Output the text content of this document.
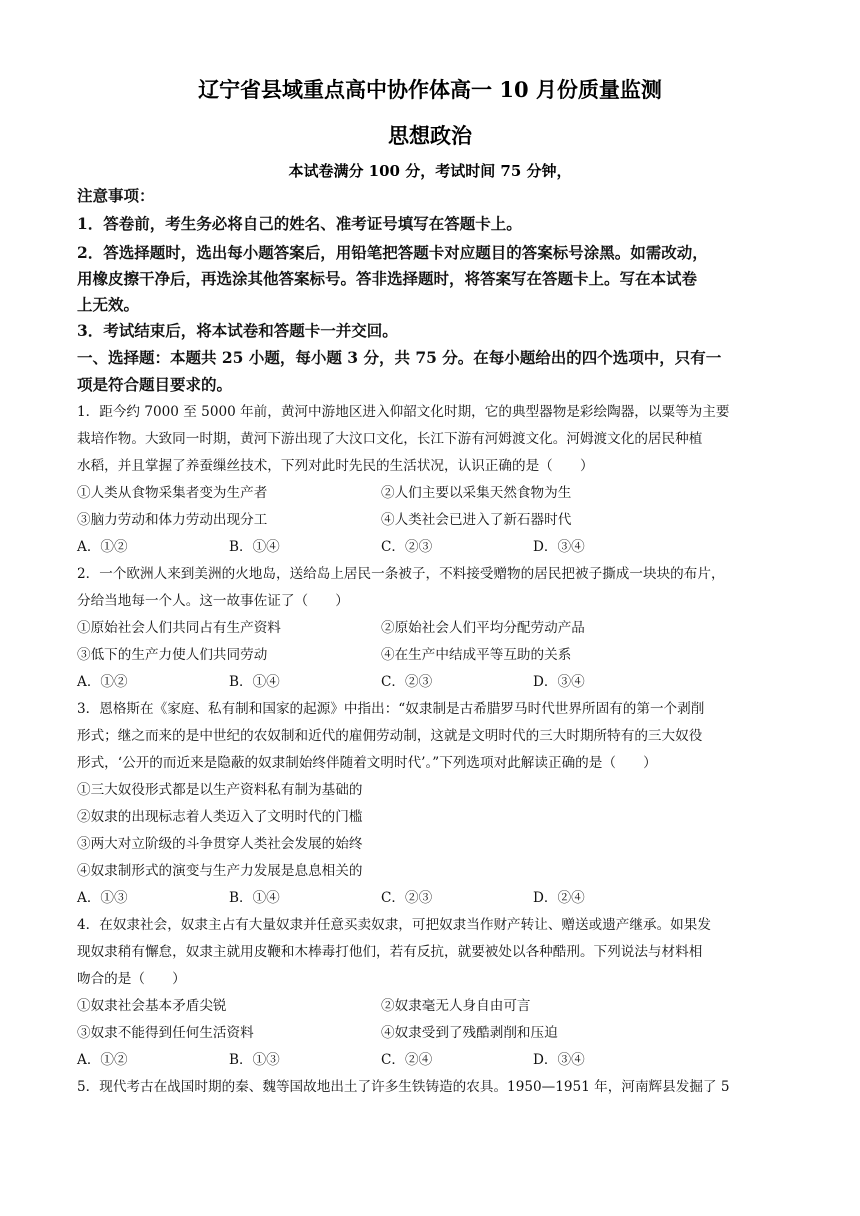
辽宁省县域重点高中协作体高一 10 月份质量监测
思想政治
本试卷满分 100 分，考试时间 75 分钟，
注意事项：
1．答卷前，考生务必将自己的姓名、准考证号填写在答题卡上。
2．答选择题时，选出每小题答案后，用铅笔把答题卡对应题目的答案标号涂黑。如需改动，
用橡皮擦干净后，再选涂其他答案标号。答非选择题时，将答案写在答题卡上。写在本试卷
上无效。
3．考试结束后，将本试卷和答题卡一并交回。
一、选择题：本题共 25 小题，每小题 3 分，共 75 分。在每小题给出的四个选项中，只有一
项是符合题目要求的。
1．距今约 7000 至 5000 年前，黄河中游地区进入仰韶文化时期，它的典型器物是彩绘陶器，以粟等为主要
栽培作物。大致同一时期，黄河下游出现了大汶口文化，长江下游有河姆渡文化。河姆渡文化的居民种植
水稻，并且掌握了养蚕缫丝技术，下列对此时先民的生活状况，认识正确的是（　　）
①人类从食物采集者变为生产者	②人们主要以采集天然食物为生
③脑力劳动和体力劳动出现分工	④人类社会已进入了新石器时代
A．①②	B．①④	C．②③	D．③④
2．一个欧洲人来到美洲的火地岛，送给岛上居民一条被子，不料接受赠物的居民把被子撕成一块块的布片，
分给当地每一个人。这一故事佐证了（　　）
①原始社会人们共同占有生产资料	②原始社会人们平均分配劳动产品
③低下的生产力使人们共同劳动	④在生产中结成平等互助的关系
A．①②	B．①④	C．②③	D．③④
3．恩格斯在《家庭、私有制和国家的起源》中指出：“奴隶制是古希腊罗马时代世界所固有的第一个剥削
形式；继之而来的是中世纪的农奴制和近代的雇佣劳动制，这就是文明时代的三大时期所特有的三大奴役
形式，‘公开的而近来是隐蔽的奴隶制始终伴随着文明时代’。”下列选项对此解读正确的是（　　）
①三大奴役形式都是以生产资料私有制为基础的
②奴隶的出现标志着人类迈入了文明时代的门槛
③两大对立阶级的斗争贯穿人类社会发展的始终
④奴隶制形式的演变与生产力发展是息息相关的
A．①③	B．①④	C．②③	D．②④
4．在奴隶社会，奴隶主占有大量奴隶并任意买卖奴隶，可把奴隶当作财产转让、赠送或遗产继承。如果发
现奴隶稍有懈怠，奴隶主就用皮鞭和木棒毒打他们，若有反抗，就要被处以各种酷刑。下列说法与材料相
吻合的是（　　）
①奴隶社会基本矛盾尖锐	②奴隶毫无人身自由可言
③奴隶不能得到任何生活资料	④奴隶受到了残酷剥削和压迫
A．①②	B．①③	C．②④	D．③④
5．现代考古在战国时期的秦、魏等国故地出土了许多生铁铸造的农具。1950—1951 年，河南辉县发掘了 5
